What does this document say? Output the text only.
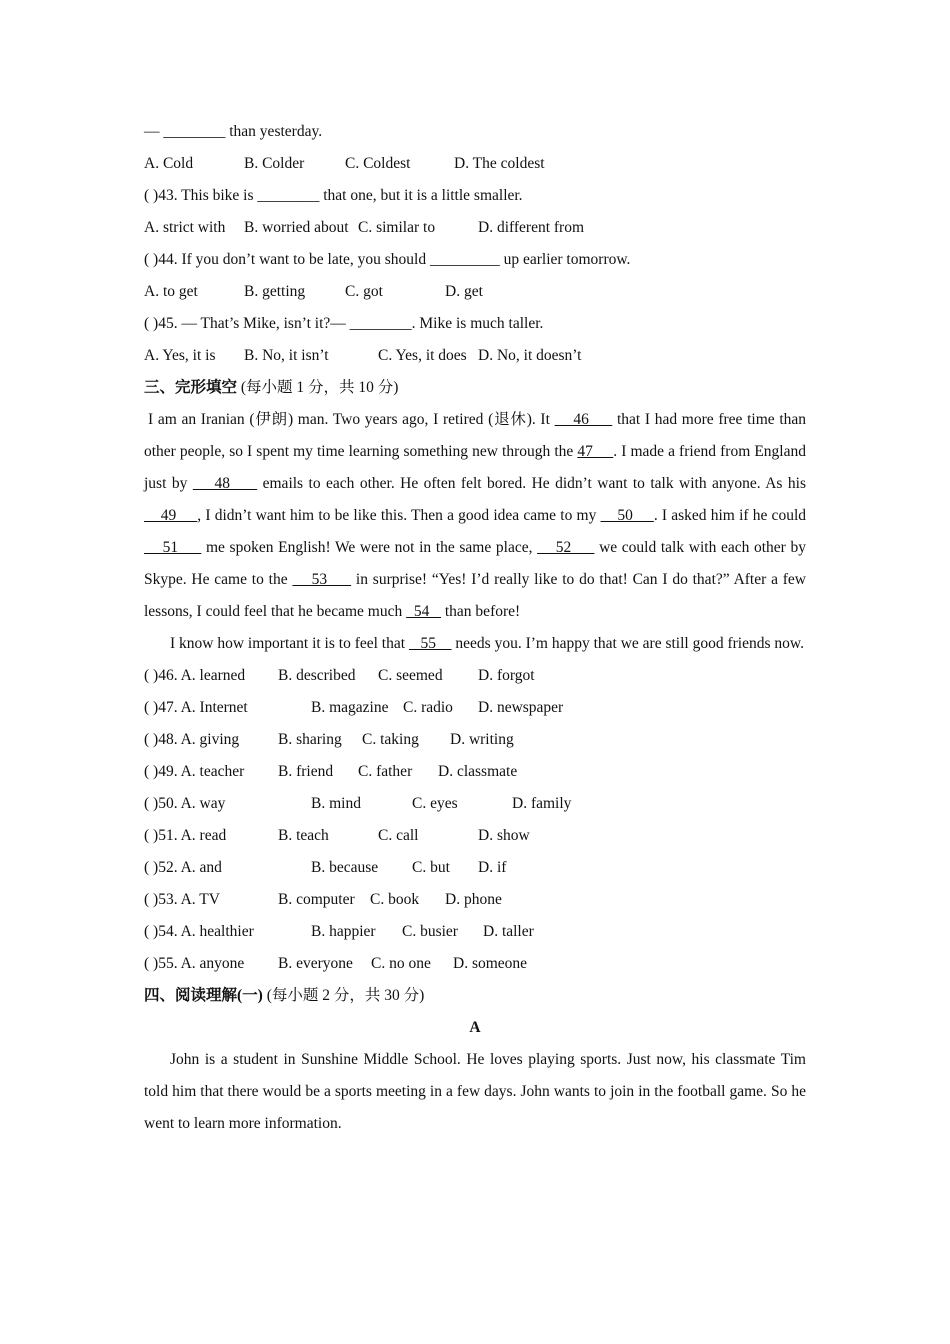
— ________ than yesterday.
A. Cold	B. Colder	C. Coldest	D. The coldest
( )43. This bike is ________ that one, but it is a little smaller.
A. strict with B. worried about C. similar to	D. different from
( )44. If you don’t want to be late, you should _________ up earlier tomorrow.
A. to get	B. getting	C. got	D. get
( )45. — That’s Mike, isn’t it?— ________. Mike is much taller.
A. Yes, it is B. No, it isn’t	C. Yes, it does D. No, it doesn’t
三、完形填空 (每小题 1 分，共 10 分)
I am an Iranian (伊朗) man. Two years ago, I retired (退休). It     46      that I had more free time than other people, so I spent my time learning something new through the 47     . I made a friend from England just by     48      emails to each other. He often felt bored. He didn’t want to talk with anyone. As his     49     , I didn’t want him to be like this. Then a good idea came to my     50     . I asked him if he could     51      me spoken English! We were not in the same place,     52      we could talk with each other by Skype. He came to the     53      in surprise! “Yes! I’d really like to do that! Can I do that?” After a few lessons, I could feel that he became much   54    than before!
I know how important it is to feel that    55     needs you. I’m happy that we are still good friends now.
( )46. A. learned B. described C. seemed D. forgot
( )47. A. Internet	B. magazine C. radio D. newspaper
( )48. A. giving	B. sharing C. taking D. writing
( )49. A. teacher B. friend C. father D. classmate
( )50. A. way	B. mind	C. eyes	D. family
( )51. A. read	B. teach	C. call	D. show
( )52. A. and	B. because C. but D. if
( )53. A. TV	B. computer C. book D. phone
( )54. A. healthier	B. happier C. busier D. taller
( )55. A. anyone B. everyone C. no one D. someone
四、阅读理解(一) (每小题 2 分，共 30 分)
A
John is a student in Sunshine Middle School. He loves playing sports. Just now, his classmate Tim told him that there would be a sports meeting in a few days. John wants to join in the football game. So he went to learn more information.
